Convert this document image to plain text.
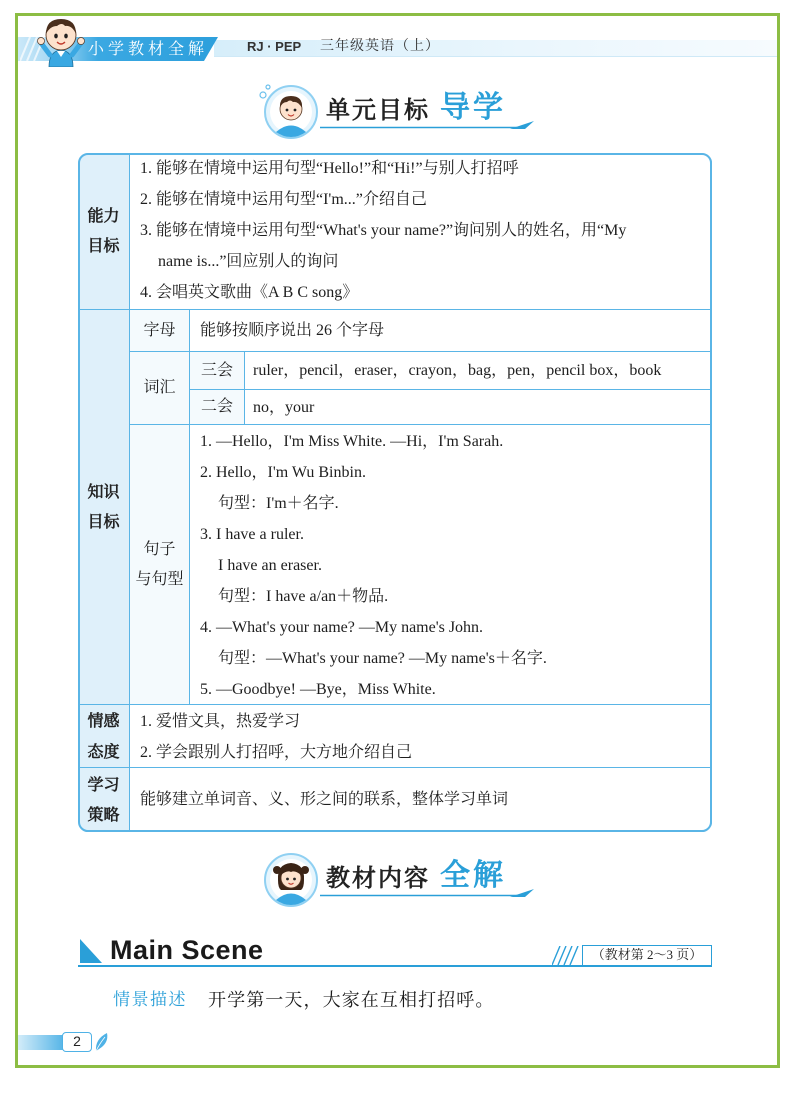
小学教材全解	RJ · PEP 三年级英语（上）
单元目标 导学
能力
目标
1. 能够在情境中运用句型“Hello!”和“Hi!”与别人打招呼
2. 能够在情境中运用句型“I'm...”介绍自己
3. 能够在情境中运用句型“What's your name?”询问别人的姓名，用“My
name is...”回应别人的询问
4. 会唱英文歌曲《A B C song》
知识
目标
字母 能够按顺序说出 26 个字母
词汇
三会 ruler，pencil，eraser，crayon，bag，pen，pencil box，book
二会 no，your
句子
与句型
1. —Hello，I'm Miss White. —Hi，I'm Sarah.
2. Hello，I'm Wu Binbin.
句型：I'm＋名字.
3. I have a ruler.
I have an eraser.
句型：I have a/an＋物品.
4. —What's your name? —My name's John.
句型：—What's your name? —My name's＋名字.
5. —Goodbye! —Bye，Miss White.
情感
态度
1. 爱惜文具，热爱学习
2. 学会跟别人打招呼，大方地介绍自己
学习
策略
能够建立单词音、义、形之间的联系，整体学习单词
教材内容 全解
Main Scene	（教材第 2～3 页）
情景描述 开学第一天，大家在互相打招呼。
2
